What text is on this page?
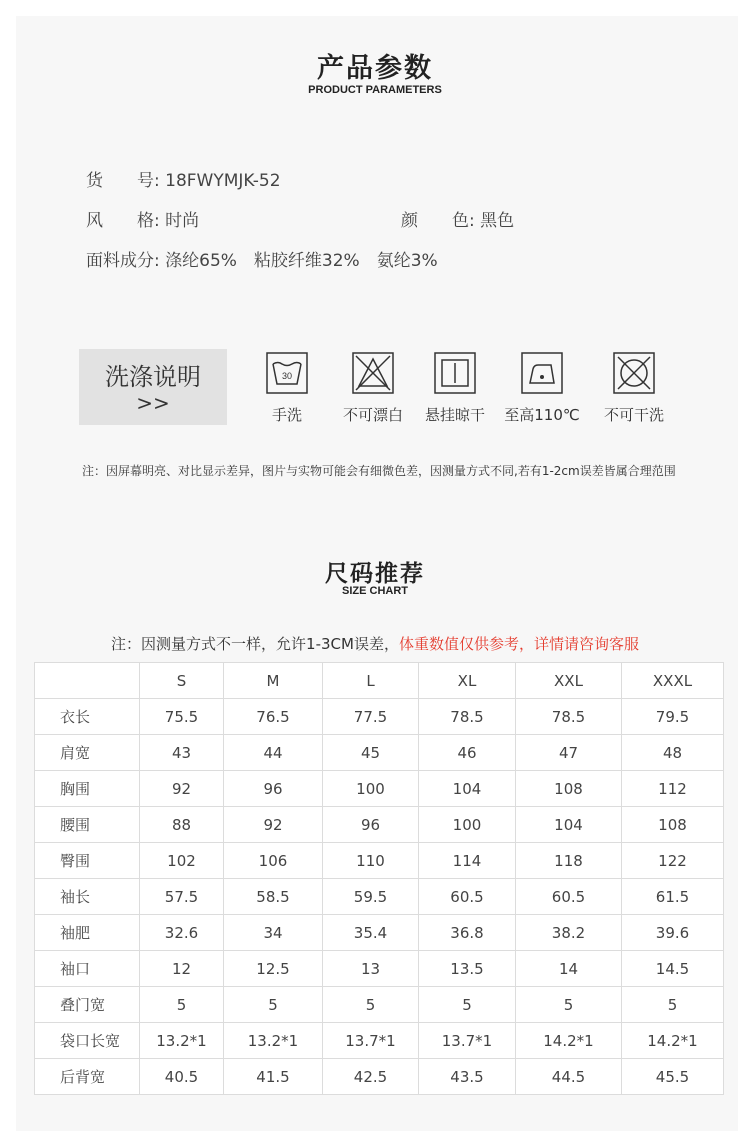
产品参数
PRODUCT PARAMETERS
货　　号: 18FWYMJK-52
风　　格: 时尚	颜　　色: 黑色
面料成分: 涤纶65%　粘胶纤维32%　氨纶3%
洗涤说明
>>
30
手洗	不可漂白	悬挂晾干	至高110℃	不可干洗
注：因屏幕明亮、对比显示差异，图片与实物可能会有细微色差，因测量方式不同,若有1-2cm误差皆属合理范围
尺码推荐
SIZE CHART
注：因测量方式不一样，允许1-3CM误差，体重数值仅供参考，详情请咨询客服
	S	M	L	XL	XXL	XXXL
衣长	75.5	76.5	77.5	78.5	78.5	79.5
肩宽	43	44	45	46	47	48
胸围	92	96	100	104	108	112
腰围	88	92	96	100	104	108
臀围	102	106	110	114	118	122
袖长	57.5	58.5	59.5	60.5	60.5	61.5
袖肥	32.6	34	35.4	36.8	38.2	39.6
袖口	12	12.5	13	13.5	14	14.5
叠门宽	5	5	5	5	5	5
袋口长宽	13.2*1	13.2*1	13.7*1	13.7*1	14.2*1	14.2*1
后背宽	40.5	41.5	42.5	43.5	44.5	45.5
